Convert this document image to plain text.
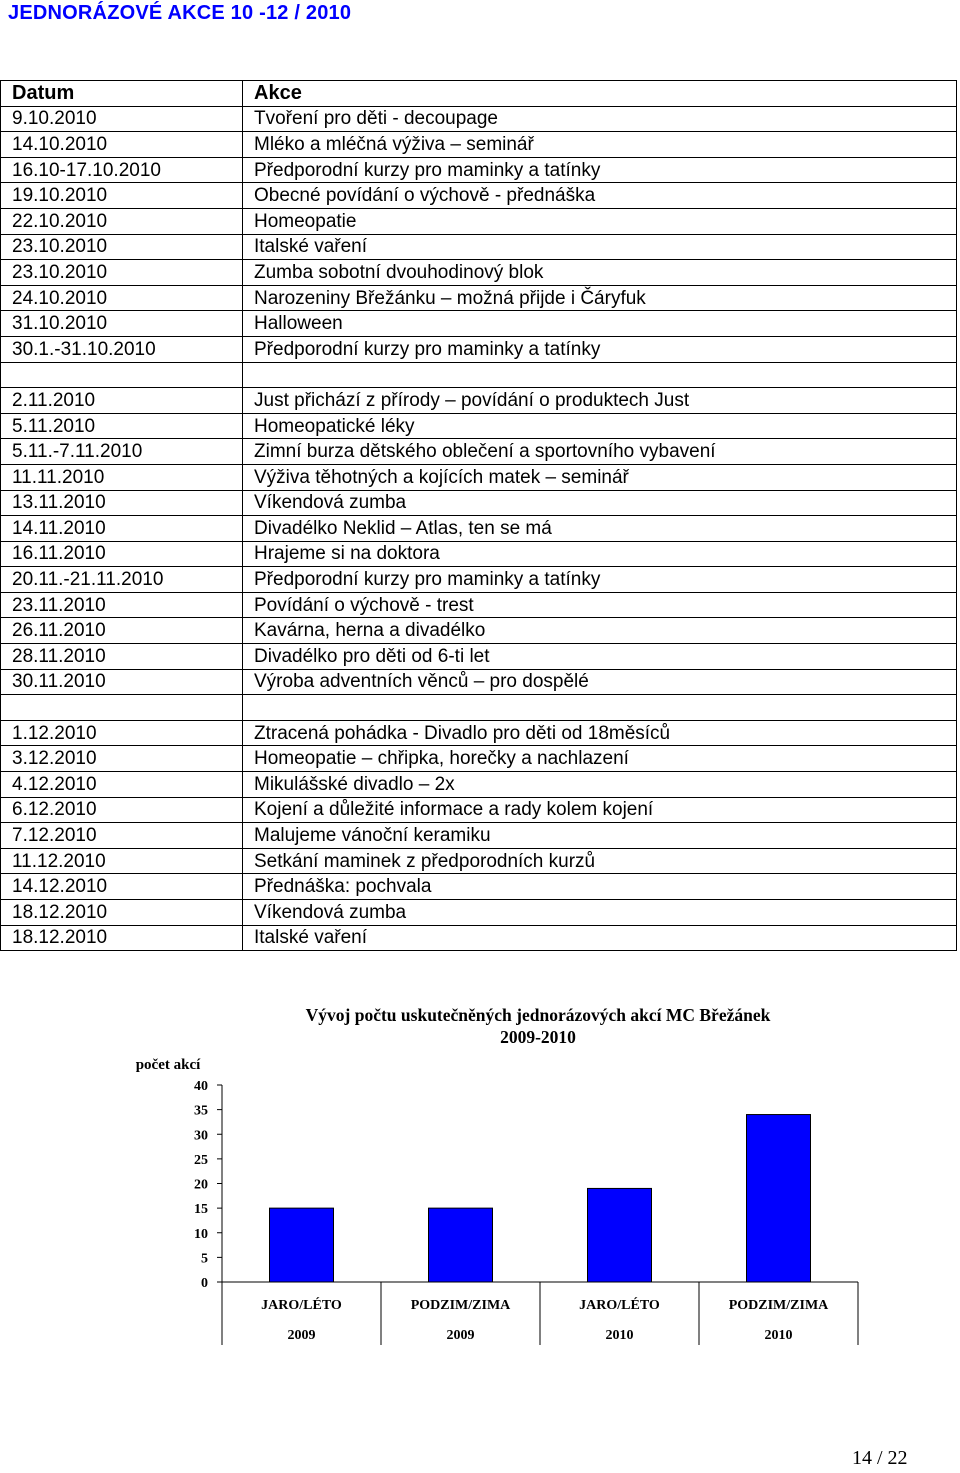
JEDNORÁZOVÉ AKCE 10 -12 / 2010
Datum	Akce
9.10.2010	Tvoření pro děti - decoupage
14.10.2010	Mléko a mléčná výživa – seminář
16.10-17.10.2010	Předporodní kurzy pro maminky a tatínky
19.10.2010	Obecné povídání o výchově - přednáška
22.10.2010	Homeopatie
23.10.2010	Italské vaření
23.10.2010	Zumba sobotní dvouhodinový blok
24.10.2010	Narozeniny Břežánku – možná přijde i Čáryfuk
31.10.2010	Halloween
30.1.-31.10.2010	Předporodní kurzy pro maminky a tatínky

2.11.2010	Just přichází z přírody – povídání o produktech Just
5.11.2010	Homeopatické léky
5.11.-7.11.2010	Zimní burza dětského oblečení a sportovního vybavení
11.11.2010	Výživa těhotných a kojících matek – seminář
13.11.2010	Víkendová zumba
14.11.2010	Divadélko Neklid – Atlas, ten se má
16.11.2010	Hrajeme si na doktora
20.11.-21.11.2010	Předporodní kurzy pro maminky a tatínky
23.11.2010	Povídání o výchově - trest
26.11.2010	Kavárna, herna a divadélko
28.11.2010	Divadélko pro děti od 6-ti let
30.11.2010	Výroba adventních věnců – pro dospělé

1.12.2010	Ztracená pohádka - Divadlo pro děti od 18měsíců
3.12.2010	Homeopatie – chřipka, horečky a nachlazení
4.12.2010	Mikulášské divadlo – 2x
6.12.2010	Kojení a důležité informace a rady kolem kojení
7.12.2010	Malujeme vánoční keramiku
11.12.2010	Setkání maminek z předporodních kurzů
14.12.2010	Přednáška: pochvala
18.12.2010	Víkendová zumba
18.12.2010	Italské vaření
Vývoj počtu uskutečněných jednorázových akcí MC Břežánek
2009-2010
počet akcí
40
35
30
25
20
15
10
5
0
JARO/LÉTO
2009
PODZIM/ZIMA
2009
JARO/LÉTO
2010
PODZIM/ZIMA
2010
14 / 22
